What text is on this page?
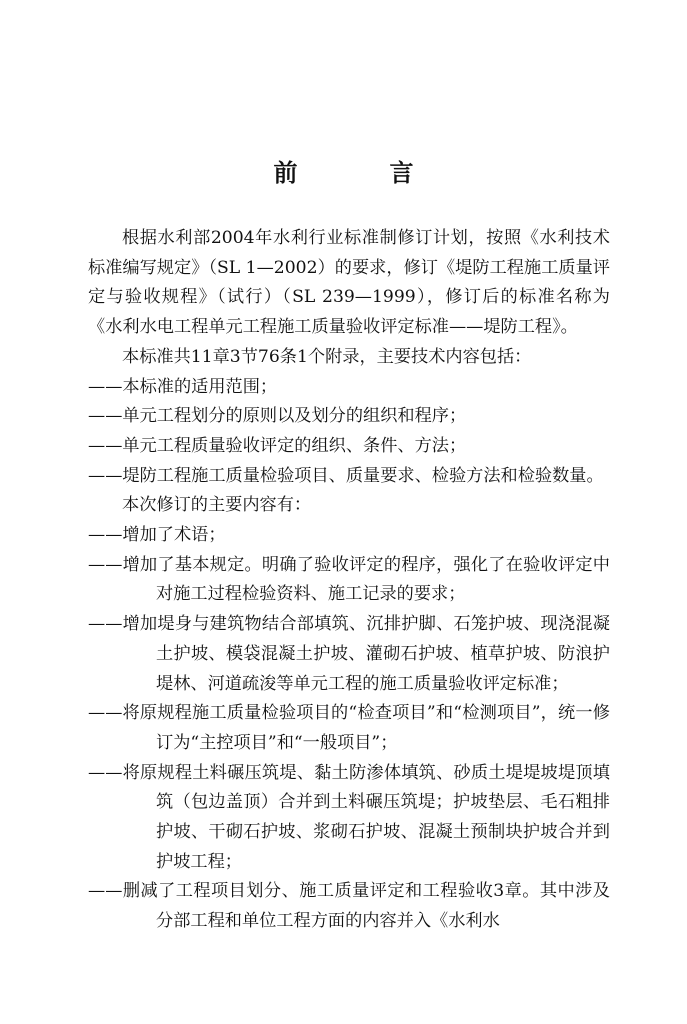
前　言

根据水利部2004年水利行业标准制修订计划，按照《水利技术标准编写规定》（SL 1—2002）的要求，修订《堤防工程施工质量评定与验收规程》（试行）（SL 239—1999），修订后的标准名称为《水利水电工程单元工程施工质量验收评定标准——堤防工程》。

本标准共11章3节76条1个附录，主要技术内容包括：

——本标准的适用范围；

——单元工程划分的原则以及划分的组织和程序；

——单元工程质量验收评定的组织、条件、方法；

——堤防工程施工质量检验项目、质量要求、检验方法和检验数量。

本次修订的主要内容有：

——增加了术语；

——增加了基本规定。明确了验收评定的程序，强化了在验收评定中对施工过程检验资料、施工记录的要求；

——增加堤身与建筑物结合部填筑、沉排护脚、石笼护坡、现浇混凝土护坡、模袋混凝土护坡、灌砌石护坡、植草护坡、防浪护堤林、河道疏浚等单元工程的施工质量验收评定标准；

——将原规程施工质量检验项目的“检查项目”和“检测项目”，统一修订为“主控项目”和“一般项目”；

——将原规程土料碾压筑堤、黏土防渗体填筑、砂质土堤堤坡堤顶填筑（包边盖顶）合并到土料碾压筑堤；护坡垫层、毛石粗排护坡、干砌石护坡、浆砌石护坡、混凝土预制块护坡合并到护坡工程；

——删减了工程项目划分、施工质量评定和工程验收3章。其中涉及分部工程和单位工程方面的内容并入《水利水
